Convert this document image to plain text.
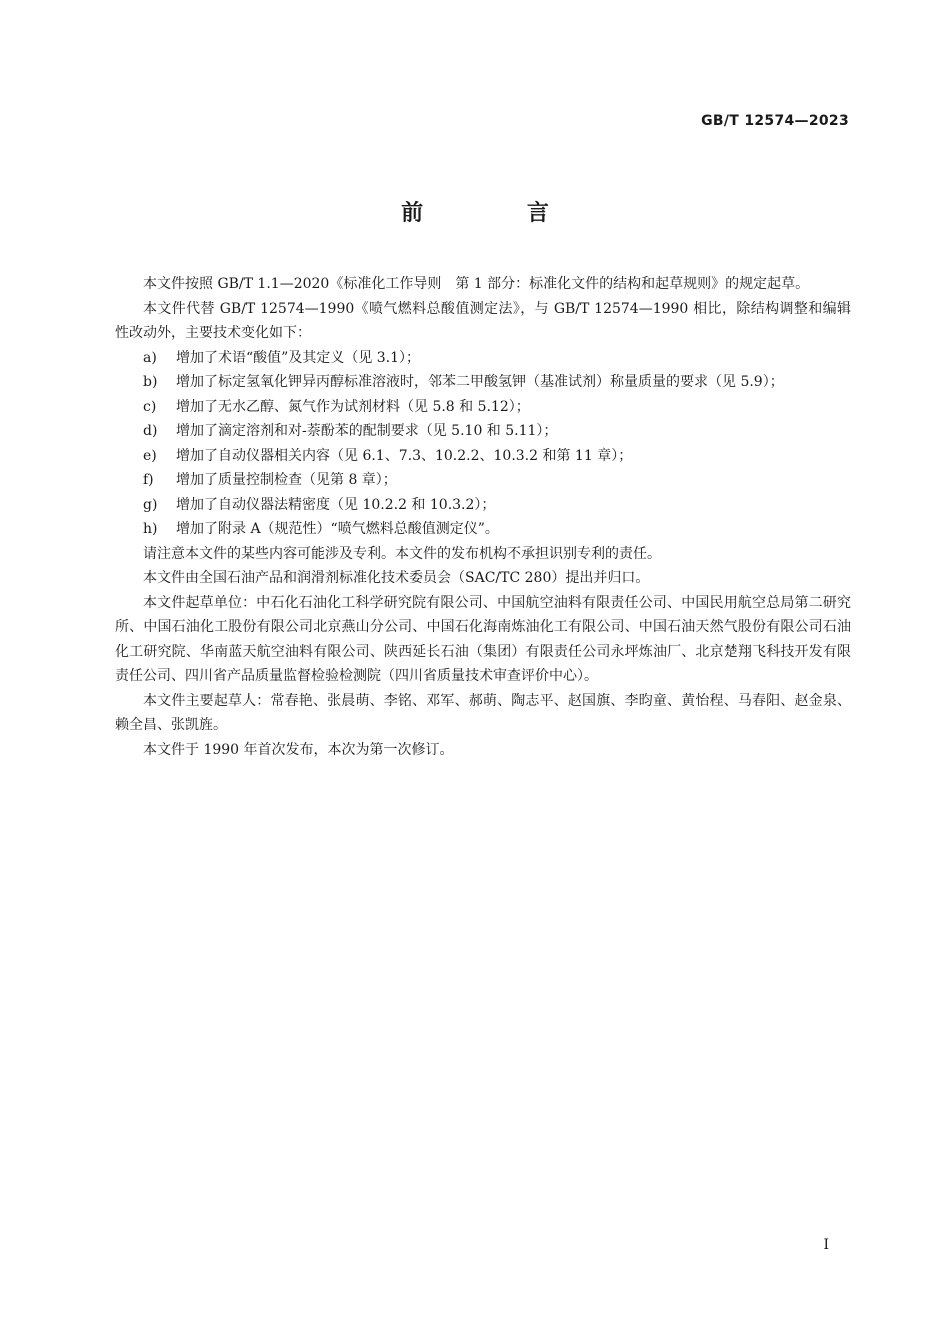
GB/T 12574—2023
前 言

本文件按照 GB/T 1.1—2020《标准化工作导则　第 1 部分：标准化文件的结构和起草规则》的规定起草。

本文件代替 GB/T 12574—1990《喷气燃料总酸值测定法》，与 GB/T 12574—1990 相比，除结构调整和编辑性改动外，主要技术变化如下：

a)	增加了术语“酸值”及其定义（见 3.1）；
b)	增加了标定氢氧化钾异丙醇标准溶液时，邻苯二甲酸氢钾（基准试剂）称量质量的要求（见 5.9）；
c)	增加了无水乙醇、氮气作为试剂材料（见 5.8 和 5.12）；
d)	增加了滴定溶剂和对-萘酚苯的配制要求（见 5.10 和 5.11）；
e)	增加了自动仪器相关内容（见 6.1、7.3、10.2.2、10.3.2 和第 11 章）；
f)	增加了质量控制检查（见第 8 章）；
g)	增加了自动仪器法精密度（见 10.2.2 和 10.3.2）；
h)	增加了附录 A（规范性）“喷气燃料总酸值测定仪”。

请注意本文件的某些内容可能涉及专利。本文件的发布机构不承担识别专利的责任。

本文件由全国石油产品和润滑剂标准化技术委员会（SAC/TC 280）提出并归口。

本文件起草单位：中石化石油化工科学研究院有限公司、中国航空油料有限责任公司、中国民用航空总局第二研究所、中国石油化工股份有限公司北京燕山分公司、中国石化海南炼油化工有限公司、中国石油天然气股份有限公司石油化工研究院、华南蓝天航空油料有限公司、陕西延长石油（集团）有限责任公司永坪炼油厂、北京楚翔飞科技开发有限责任公司、四川省产品质量监督检验检测院（四川省质量技术审查评价中心）。

本文件主要起草人：常春艳、张晨萌、李铭、邓军、郝萌、陶志平、赵国旗、李昀童、黄怡程、马春阳、赵金泉、赖全昌、张凯旌。

本文件于 1990 年首次发布，本次为第一次修订。

I
